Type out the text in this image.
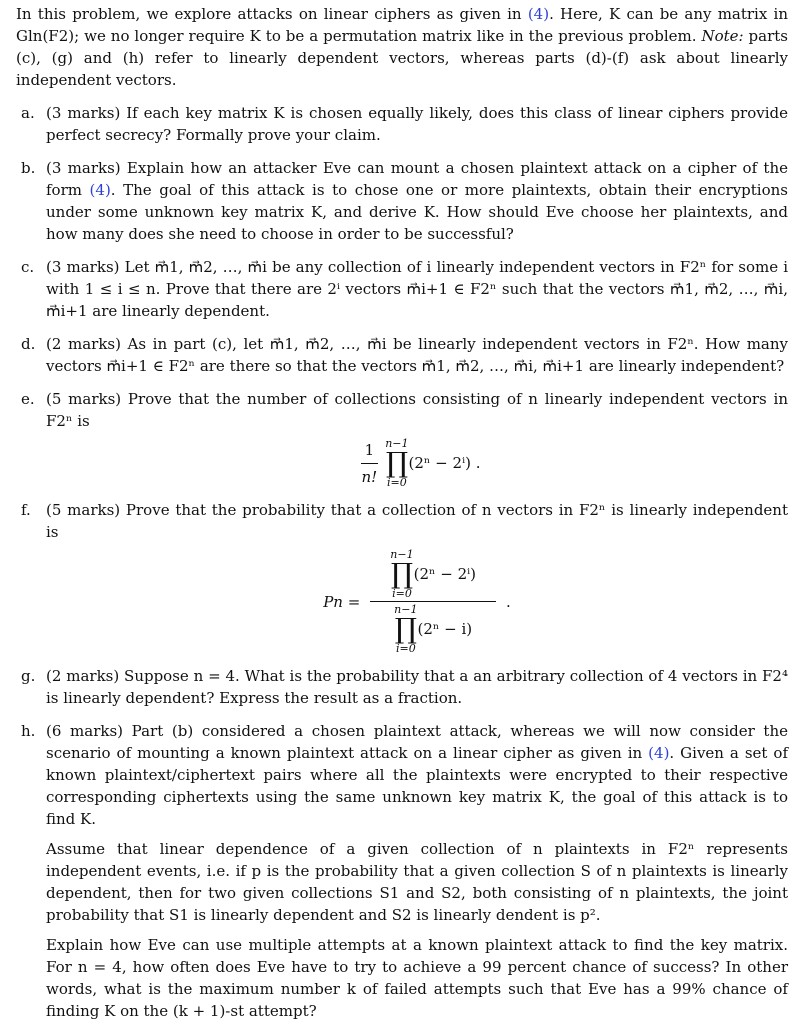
In this problem, we explore attacks on linear ciphers as given in (4). Here, K can be any matrix in Gln(F2); we no longer require K to be a permutation matrix like in the previous problem. Note: parts (c), (g) and (h) refer to linearly dependent vectors, whereas parts (d)-(f) ask about linearly independent vectors.

a. (3 marks) If each key matrix K is chosen equally likely, does this class of linear ciphers provide perfect secrecy? Formally prove your claim.

b. (3 marks) Explain how an attacker Eve can mount a chosen plaintext attack on a cipher of the form (4). The goal of this attack is to chose one or more plaintexts, obtain their encryptions under some unknown key matrix K, and derive K. How should Eve choose her plaintexts, and how many does she need to choose in order to be successful?

c. (3 marks) Let m⃗1, m⃗2, …, m⃗i be any collection of i linearly independent vectors in F2ⁿ for some i with 1 ≤ i ≤ n. Prove that there are 2ⁱ vectors m⃗i+1 ∈ F2ⁿ such that the vectors m⃗1, m⃗2, …, m⃗i, m⃗i+1 are linearly dependent.

d. (2 marks) As in part (c), let m⃗1, m⃗2, …, m⃗i be linearly independent vectors in F2ⁿ. How many vectors m⃗i+1 ∈ F2ⁿ are there so that the vectors m⃗1, m⃗2, …, m⃗i, m⃗i+1 are linearly independent?

e. (5 marks) Prove that the number of collections consisting of n linearly independent vectors in F2ⁿ is

$\frac{1}{n!} n-1$
∏
i=0
(2ⁿ − 2ⁱ) .
f. (5 marks) Prove that the probability that a collection of n vectors in F2ⁿ is linearly independent is

Pn =
n−1
∏
i=0
(2ⁿ − 2ⁱ)
n−1
∏
i=0
(2ⁿ − i)
.
g. (2 marks) Suppose n = 4. What is the probability that a an arbitrary collection of 4 vectors in F2⁴ is linearly dependent? Express the result as a fraction.

h. (6 marks) Part (b) considered a chosen plaintext attack, whereas we will now consider the scenario of mounting a known plaintext attack on a linear cipher as given in (4). Given a set of known plaintext/ciphertext pairs where all the plaintexts were encrypted to their respective corresponding ciphertexts using the same unknown key matrix K, the goal of this attack is to find K.

Assume that linear dependence of a given collection of n plaintexts in F2ⁿ represents independent events, i.e. if p is the probability that a given collection S of n plaintexts is linearly dependent, then for two given collections S1 and S2, both consisting of n plaintexts, the joint probability that S1 is linearly dependent and S2 is linearly dendent is p².

Explain how Eve can use multiple attempts at a known plaintext attack to find the key matrix. For n = 4, how often does Eve have to try to achieve a 99 percent chance of success? In other words, what is the maximum number k of failed attempts such that Eve has a 99% chance of finding K on the (k + 1)-st attempt?
